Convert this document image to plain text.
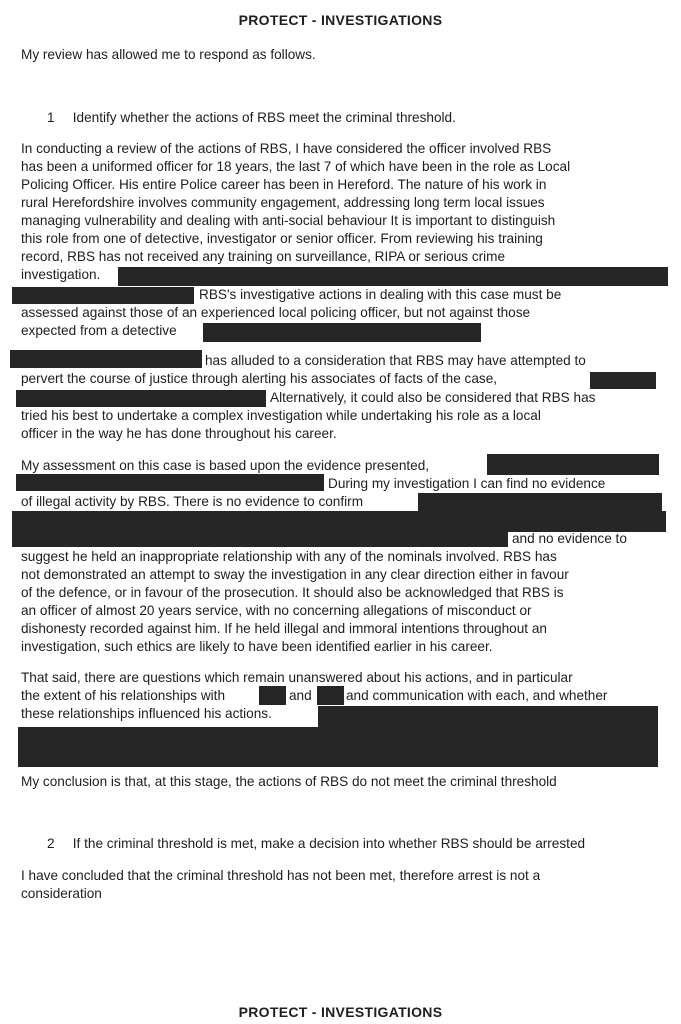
PROTECT - INVESTIGATIONS
My review has allowed me to respond as follows.
1 Identify whether the actions of RBS meet the criminal threshold.
In conducting a review of the actions of RBS, I have considered the officer involved RBS
has been a uniformed officer for 18 years, the last 7 of which have been in the role as Local
Policing Officer. His entire Police career has been in Hereford. The nature of his work in
rural Herefordshire involves community engagement, addressing long term local issues
managing vulnerability and dealing with anti-social behaviour It is important to distinguish
this role from one of detective, investigator or senior officer. From reviewing his training
record, RBS has not received any training on surveillance, RIPA or serious crime
investigation.
RBS's investigative actions in dealing with this case must be
assessed against those of an experienced local policing officer, but not against those
expected from a detective
has alluded to a consideration that RBS may have attempted to
pervert the course of justice through alerting his associates of facts of the case,
Alternatively, it could also be considered that RBS has
tried his best to undertake a complex investigation while undertaking his role as a local
officer in the way he has done throughout his career.
My assessment on this case is based upon the evidence presented,
During my investigation I can find no evidence
of illegal activity by RBS. There is no evidence to confirm
and no evidence to
suggest he held an inappropriate relationship with any of the nominals involved. RBS has
not demonstrated an attempt to sway the investigation in any clear direction either in favour
of the defence, or in favour of the prosecution. It should also be acknowledged that RBS is
an officer of almost 20 years service, with no concerning allegations of misconduct or
dishonesty recorded against him. If he held illegal and immoral intentions throughout an
investigation, such ethics are likely to have been identified earlier in his career.
That said, there are questions which remain unanswered about his actions, and in particular
the extent of his relationships with	and	and communication with each, and whether
these relationships influenced his actions.
My conclusion is that, at this stage, the actions of RBS do not meet the criminal threshold
2 If the criminal threshold is met, make a decision into whether RBS should be arrested
I have concluded that the criminal threshold has not been met, therefore arrest is not a
consideration
PROTECT - INVESTIGATIONS
